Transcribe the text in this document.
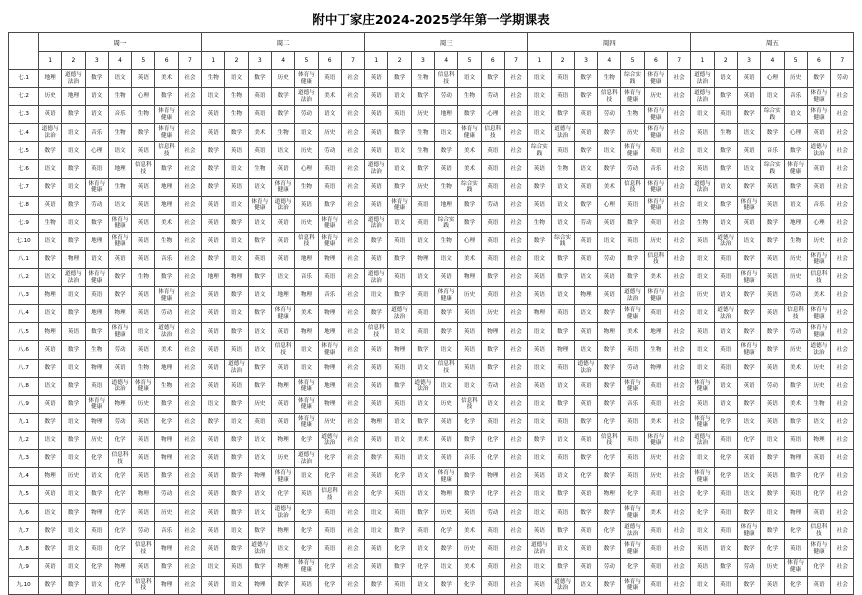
附中丁家庄2024-2025学年第一学期课表
	周一							周二							周三							周四							周五						
	1	2	3	4	5	6	7	1	2	3	4	5	6	7	1	2	3	4	5	6	7	1	2	3	4	5	6	7	1	2	3	4	5	6	7
七.1	地理	道德与法治	数学	语文	英语	美术	社会	生物	语文	数学	历史	体育与健康	英语	社会	英语	数学	生物	信息科技	语文	数学	社会	语文	英语	数学	生物	综合实践	体育与健康	社会	道德与法治	语文	英语	心理	历史	数学	劳动
七.2	历史	地理	语文	生物	心理	数学	社会	语文	生物	英语	数学	道德与法治	美术	社会	英语	语文	数学	劳动	生物	劳动	社会	语文	英语	数学	信息科技	体育与健康	历史	社会	道德与法治	数学	英语	语文	音乐	体育与健康	社会
七.3	英语	数学	语文	音乐	生物	体育与健康	社会	英语	生物	英语	数学	劳动	语文	社会	英语	英语	历史	地理	数学	心理	社会	语文	数学	英语	劳动	生物	体育与健康	社会	语文	英语	数学	综合实践	语文	体育与健康	社会
七.4	道德与法治	语文	音乐	生物	数学	体育与健康	社会	英语	数学	美术	生物	语文	历史	社会	英语	数学	生物	语文	体育与健康	信息科技	社会	语文	道德与法治	英语	数学	历史	体育与健康	社会	英语	生物	语文	数学	心理	英语	社会
七.5	数学	语文	心理	语文	英语	信息科技	社会	数学	英语	英语	语文	历史	劳动	社会	英语	语文	生物	数学	美术	英语	社会	综合实践	英语	数学	语文	体育与健康	英语	社会	语文	数学	英语	音乐	数学	道德与法治	社会
七.6	语文	数学	英语	地理	信息科技	数学	社会	数学	语文	生物	英语	心理	英语	社会	道德与法治	语文	数学	英语	美术	英语	社会	英语	生物	语文	数学	劳动	音乐	社会	英语	数学	语文	综合实践	体育与健康	英语	社会
七.7	数学	语文	体育与健康	生物	英语	地理	社会	数学	英语	语文	体育与健康	生物	英语	社会	英语	数学	历史	生物	综合实践	英语	社会	数学	语文	英语	美术	信息科技	体育与健康	社会	道德与法治	语文	数学	英语	数学	英语	社会
七.8	英语	数学	劳动	语文	英语	地理	社会	英语	语文	体育与健康	道德与法治	英语	数学	社会	英语	体育与健康	英语	地理	数学	劳动	社会	英语	语文	数学	心理	英语	体育与健康	社会	语文	数学	体育与健康	英语	语文	音乐	社会
七.9	生物	语文	数学	体育与健康	英语	美术	社会	英语	数学	语文	英语	历史	体育与健康	社会	道德与法治	语文	英语	综合实践	数学	英语	社会	生物	语文	劳动	英语	数学	英语	社会	生物	语文	英语	数学	地理	心理	社会
七.10	语文	数学	地理	体育与健康	英语	生物	社会	英语	语文	数学	英语	信息科技	体育与健康	社会	数学	英语	语文	生物	心理	英语	社会	数学	综合实践	英语	语文	英语	历史	社会	英语	道德与法治	语文	数学	生物	历史	社会
八.1	数学	物理	语文	英语	英语	音乐	社会	数学	语文	英语	英语	地理	物理	社会	英语	数学	物理	语文	美术	英语	社会	语文	数学	英语	劳动	数学	信息科技	社会	语文	英语	数学	英语	历史	体育与健康	社会
八.2	语文	道德与法治	体育与健康	数学	生物	数学	社会	地理	物理	数学	语文	音乐	英语	社会	道德与法治	英语	语文	英语	物理	数学	社会	英语	数学	语文	英语	数学	美术	社会	语文	英语	体育与健康	英语	历史	信息科技	社会
八.3	物理	语文	英语	数学	英语	体育与健康	社会	英语	数学	语文	地理	物理	音乐	社会	语文	数学	英语	体育与健康	历史	英语	社会	英语	语文	物理	英语	道德与法治	体育与健康	社会	历史	语文	数学	英语	劳动	美术	社会
八.4	语文	数学	地理	物理	英语	劳动	社会	英语	语文	数学	体育与健康	美术	物理	社会	数学	道德与法治	英语	数学	英语	历史	社会	物理	英语	语文	数学	体育与健康	英语	社会	语文	道德与法治	数学	英语	信息科技	体育与健康	社会
八.5	物理	英语	数学	体育与健康	语文	道德与法治	社会	英语	数学	语文	英语	物理	地理	社会	信息科技	语文	英语	数学	英语	物理	社会	语文	数学	英语	物理	美术	地理	社会	英语	语文	数学	数学	劳动	体育与健康	社会
八.6	英语	数学	生物	劳动	英语	美术	社会	英语	英语	语文	信息科技	语文	体育与健康	社会	英语	物理	数学	语文	英语	数学	社会	英语	物理	语文	数学	英语	生物	社会	语文	英语	体育与健康	数学	历史	道德与法治	社会
八.7	数学	语文	物理	英语	生物	地理	社会	英语	道德与法治	数学	英语	语文	物理	社会	英语	英语	语文	信息科技	英语	数学	社会	语文	英语	道德与法治	数学	劳动	物理	社会	语文	英语	数学	英语	美术	历史	社会
八.8	语文	数学	英语	道德与法治	体育与健康	生物	社会	英语	英语	数学	物理	体育与健康	地理	社会	英语	数学	道德与法治	语文	语文	劳动	社会	英语	语文	英语	数学	体育与健康	英语	社会	体育与健康	语文	英语	劳动	数学	历史	社会
八.9	英语	数学	体育与健康	物理	历史	数学	社会	语文	数学	历史	英语	体育与健康	物理	社会	英语	英语	语文	历史	信息科技	语文	社会	语文	数学	英语	数学	音乐	英语	社会	英语	语文	数学	英语	美术	生物	社会
九.1	数学	语文	物理	劳动	英语	化学	社会	数学	语文	英语	英语	体育与健康	历史	社会	物理	语文	数学	英语	化学	英语	社会	语文	英语	数学	化学	英语	美术	社会	体育与健康	化学	语文	英语	数学	语文	社会
九.2	语文	数学	历史	化学	英语	物理	社会	英语	数学	语文	物理	化学	道德与法治	社会	英语	语文	美术	英语	数学	化学	社会	数学	语文	英语	信息科技	英语	体育与健康	社会	道德与法治	英语	化学	语文	英语	物理	社会
九.3	数学	语文	化学	信息科技	英语	物理	社会	英语	数学	语文	历史	道德与法治	化学	社会	数学	英语	语文	英语	音乐	化学	社会	语文	英语	数学	化学	英语	历史	社会	语文	化学	英语	数学	物理	英语	社会
九.4	物理	历史	语文	化学	英语	数学	社会	英语	数学	物理	体育与健康	语文	化学	社会	英语	化学	语文	体育与健康	数学	物理	社会	英语	语文	化学	数学	英语	历史	社会	体育与健康	化学	语文	英语	数学	化学	社会
九.5	英语	语文	数学	化学	物理	劳动	社会	英语	数学	语文	化学	英语	信息科技	社会	化学	英语	语文	物理	数学	化学	社会	语文	数学	英语	物理	化学	英语	社会	化学	英语	语文	数学	英语	化学	社会
九.6	语文	数学	物理	化学	英语	历史	社会	英语	数学	语文	道德与法治	化学	英语	社会	语文	英语	数学	历史	英语	劳动	社会	语文	英语	数学	数学	体育与健康	美术	社会	化学	英语	数学	语文	物理	英语	社会
九.7	数学	语文	英语	化学	劳动	音乐	社会	英语	语文	数学	物理	化学	英语	社会	语文	数学	英语	化学	美术	英语	社会	英语	数学	英语	化学	道德与法治	英语	社会	语文	英语	体育与健康	数学	化学	信息科技	社会
九.8	数学	语文	英语	化学	信息科技	物理	社会	英语	数学	道德与法治	语文	化学	英语	社会	英语	化学	语文	数学	历史	英语	社会	道德与法治	语文	英语	数学	体育与健康	英语	社会	英语	语文	数学	化学	英语	体育与健康	社会
九.9	英语	语文	化学	物理	英语	数学	社会	语文	英语	数学	物理	体育与健康	化学	社会	英语	数学	化学	语文	美术	英语	社会	语文	数学	英语	劳动	化学	英语	社会	英语	数学	劳动	历史	体育与健康	化学	社会
九.10	数学	数学	语文	化学	信息科技	物理	社会	英语	语文	物理	数学	英语	化学	社会	数学	英语	语文	数学	化学	英语	社会	英语	道德与法治	语文	数学	体育与健康	英语	社会	语文	英语	数学	英语	化学	英语	社会
